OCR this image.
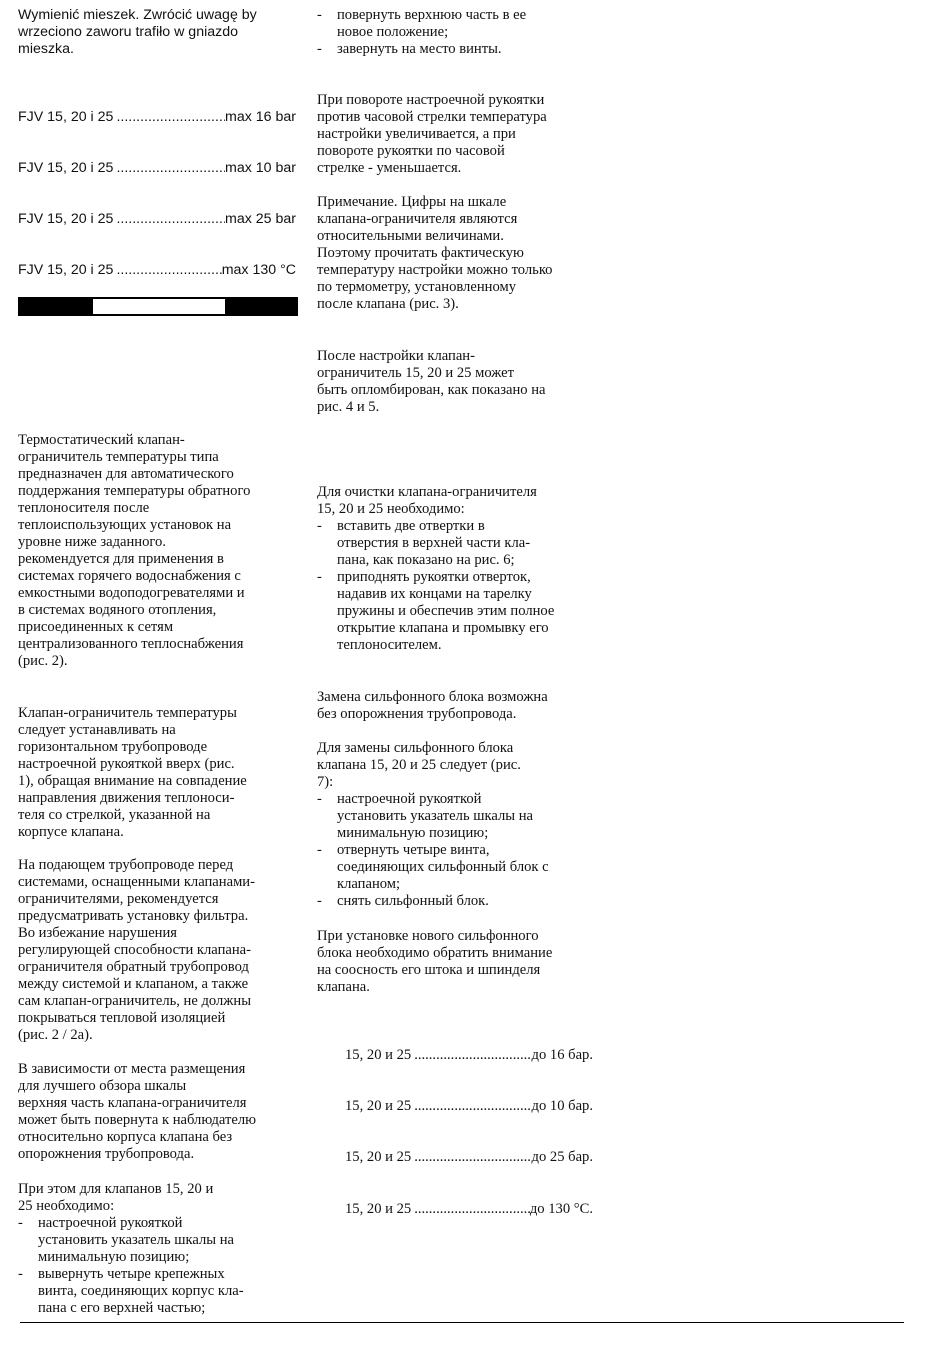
Wymienić mieszek. Zwrócić uwagę by
wrzeciono zaworu trafiło w gniazdo
mieszka.

FJV 15, 20 i 25 .....	max 16 bar
FJV 15, 20 i 25 .....	max 10 bar
FJV 15, 20 i 25 .....	max 25 bar
FJV 15, 20 i 25 .....	max 130 °C

Термостатический клапан-
ограничитель температуры типа
предназначен для автоматического
поддержания температуры обратного
теплоносителя после
теплоиспользующих установок на
уровне ниже заданного.
рекомендуется для применения в
системах горячего водоснабжения с
емкостными водоподогревателями и
в системах водяного отопления,
присоединенных к сетям
централизованного теплоснабжения
(рис. 2).

Клапан-ограничитель температуры
следует устанавливать на
горизонтальном трубопроводе
настроечной рукояткой вверх (рис.
1), обращая внимание на совпадение
направления движения теплоноси-
теля со стрелкой, указанной на
корпусе клапана.

На подающем трубопроводе перед
системами, оснащенными клапанами-
ограничителями, рекомендуется
предусматривать установку фильтра.
Во избежание нарушения
регулирующей способности клапана-
ограничителя обратный трубопровод
между системой и клапаном, а также
сам клапан-ограничитель, не должны
покрываться тепловой изоляцией
(рис. 2 / 2а).

В зависимости от места размещения
для лучшего обзора шкалы
верхняя часть клапана-ограничителя
может быть повернута к наблюдателю
относительно корпуса клапана без
опорожнения трубопровода.

При этом для клапанов 15, 20 и
25 необходимо:
- настроечной рукояткой
установить указатель шкалы на
минимальную позицию;
- вывернуть четыре крепежных
винта, соединяющих корпус кла-
пана с его верхней частью;
- повернуть верхнюю часть в ее
новое положение;
- завернуть на место винты.

При повороте настроечной рукоятки
против часовой стрелки температура
настройки увеличивается, а при
повороте рукоятки по часовой
стрелке - уменьшается.

Примечание. Цифры на шкале
клапана-ограничителя являются
относительными величинами.
Поэтому прочитать фактическую
температуру настройки можно только
по термометру, установленному
после клапана (рис. 3).

После настройки клапан-
ограничитель 15, 20 и 25 может
быть опломбирован, как показано на
рис. 4 и 5.

Для очистки клапана-ограничителя
15, 20 и 25 необходимо:
- вставить две отвертки в
отверстия в верхней части кла-
пана, как показано на рис. 6;
- приподнять рукоятки отверток,
надавив их концами на тарелку
пружины и обеспечив этим полное
открытие клапана и промывку его
теплоносителем.

Замена сильфонного блока возможна
без опорожнения трубопровода.

Для замены сильфонного блока
клапана 15, 20 и 25 следует (рис.
7):
- настроечной рукояткой
установить указатель шкалы на
минимальную позицию;
- отвернуть четыре винта,
соединяющих сильфонный блок с
клапаном;
- снять сильфонный блок.

При установке нового сильфонного
блока необходимо обратить внимание
на соосность его штока и шпинделя
клапана.

15, 20 и 25 .....	до 16 бар.
15, 20 и 25 .....	до 10 бар.
15, 20 и 25 .....	до 25 бар.
15, 20 и 25 .....	до 130 °С.
